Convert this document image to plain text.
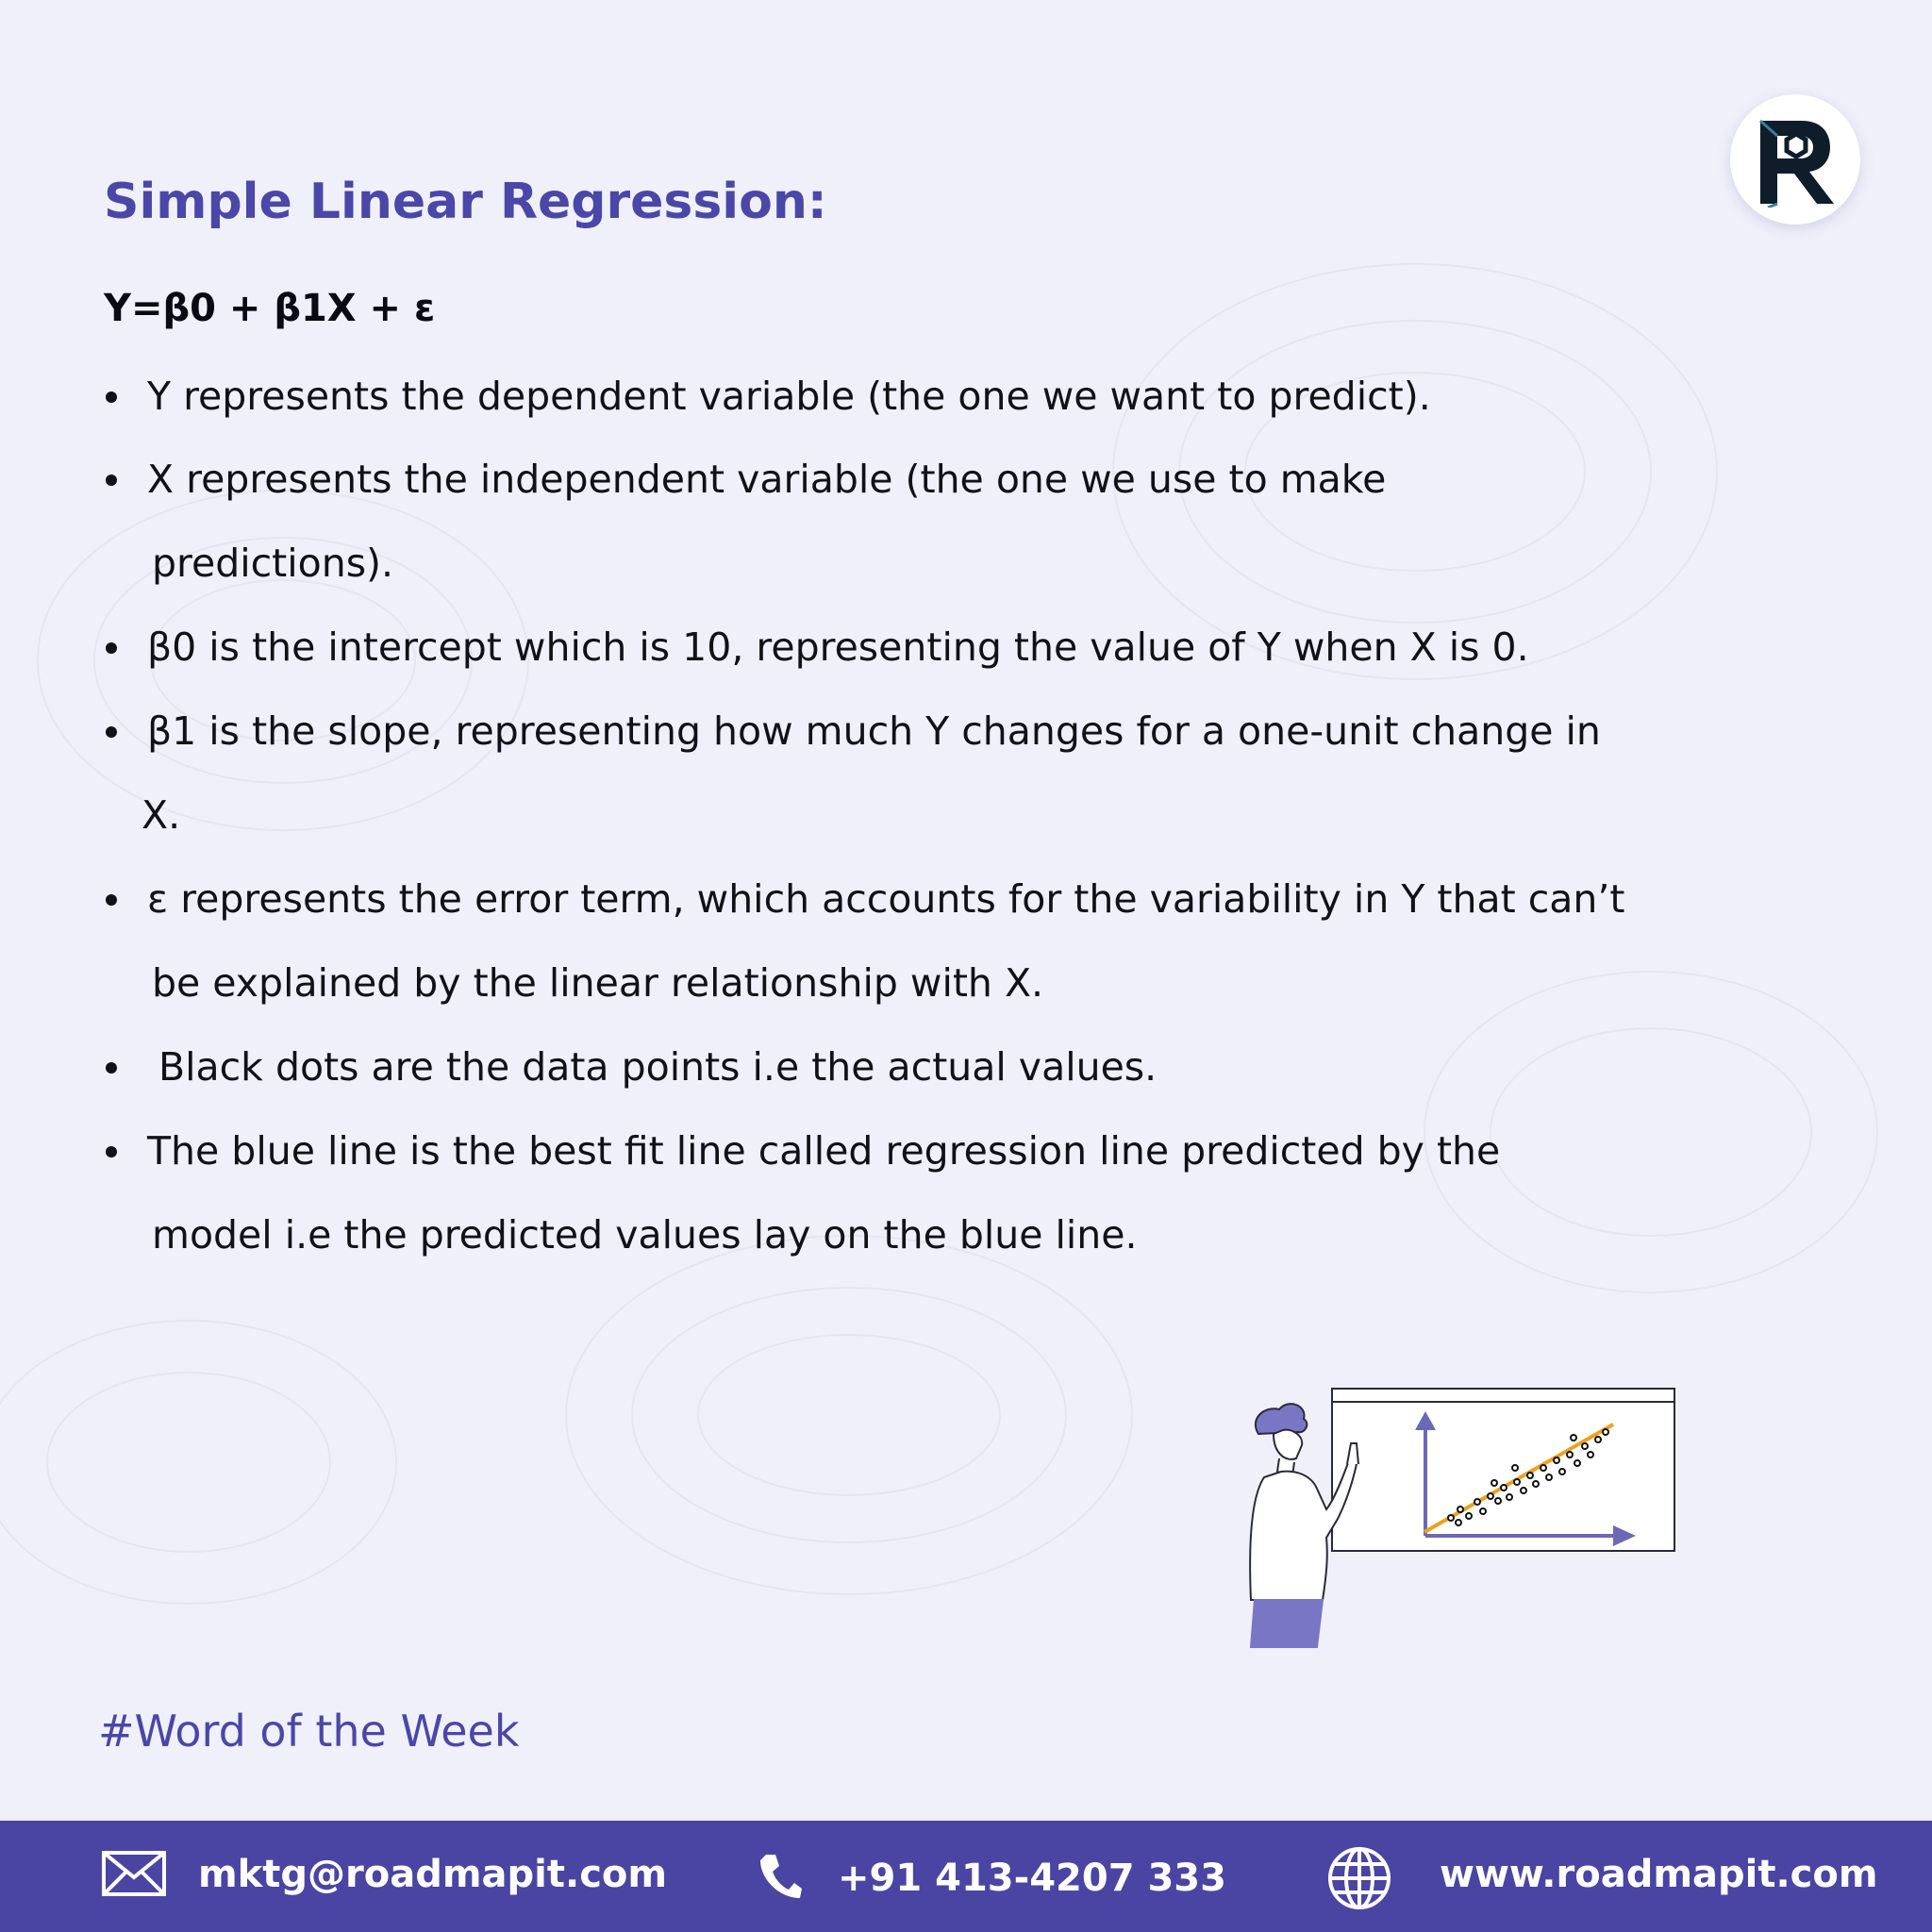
Simple Linear Regression:
Y=β0 + β1X + ε
Y represents the dependent variable (the one we want to predict).
X represents the independent variable (the one we use to make
predictions).
β0 is the intercept which is 10, representing the value of Y when X is 0.
β1 is the slope, representing how much Y changes for a one-unit change in
X.
ε represents the error term, which accounts for the variability in Y that can’t
be explained by the linear relationship with X.
Black dots are the data points i.e the actual values.
The blue line is the best fit line called regression line predicted by the
model i.e the predicted values lay on the blue line.
#Word of the Week
mktg@roadmapit.com	+91 413-4207 333	www.roadmapit.com
